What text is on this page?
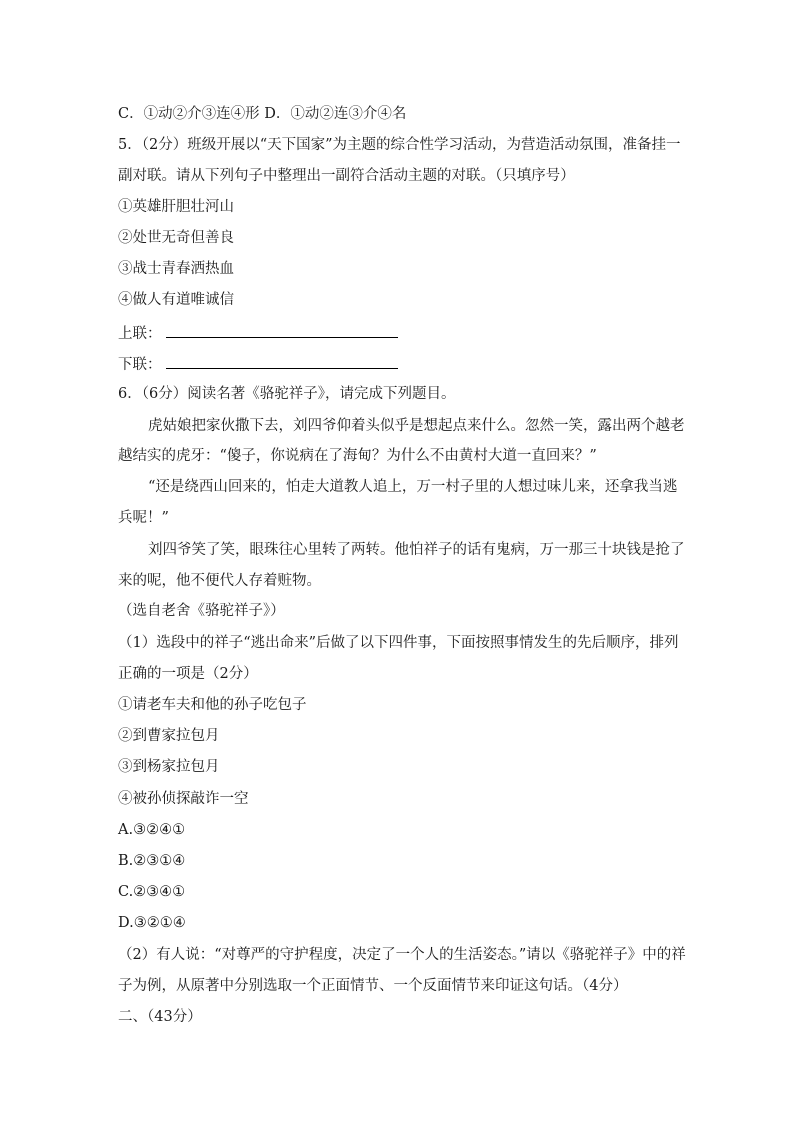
C．①动②介③连④形 D．①动②连③介④名

5．（2分）班级开展以“天下国家”为主题的综合性学习活动，为营造活动氛围，准备挂一

副对联。请从下列句子中整理出一副符合活动主题的对联。（只填序号）

①英雄肝胆壮河山

②处世无奇但善良

③战士青春洒热血

④做人有道唯诚信

上联：

下联：

6．（6分）阅读名著《骆驼祥子》，请完成下列题目。

虎姑娘把家伙撒下去，刘四爷仰着头似乎是想起点来什么。忽然一笑，露出两个越老

越结实的虎牙：“傻子，你说病在了海甸？为什么不由黄村大道一直回来？”

“还是绕西山回来的，怕走大道教人追上，万一村子里的人想过味儿来，还拿我当逃

兵呢！”

刘四爷笑了笑，眼珠往心里转了两转。他怕祥子的话有鬼病，万一那三十块钱是抢了

来的呢，他不便代人存着赃物。

（选自老舍《骆驼祥子》）

（1）选段中的祥子“逃出命来”后做了以下四件事，下面按照事情发生的先后顺序，排列

正确的一项是（2分）

①请老车夫和他的孙子吃包子

②到曹家拉包月

③到杨家拉包月

④被孙侦探敲诈一空

A.③②④①

B.②③①④

C.②③④①

D.③②①④

（2）有人说：“对尊严的守护程度，决定了一个人的生活姿态。”请以《骆驼祥子》中的祥

子为例，从原著中分别选取一个正面情节、一个反面情节来印证这句话。（4分）

二、（43分）
